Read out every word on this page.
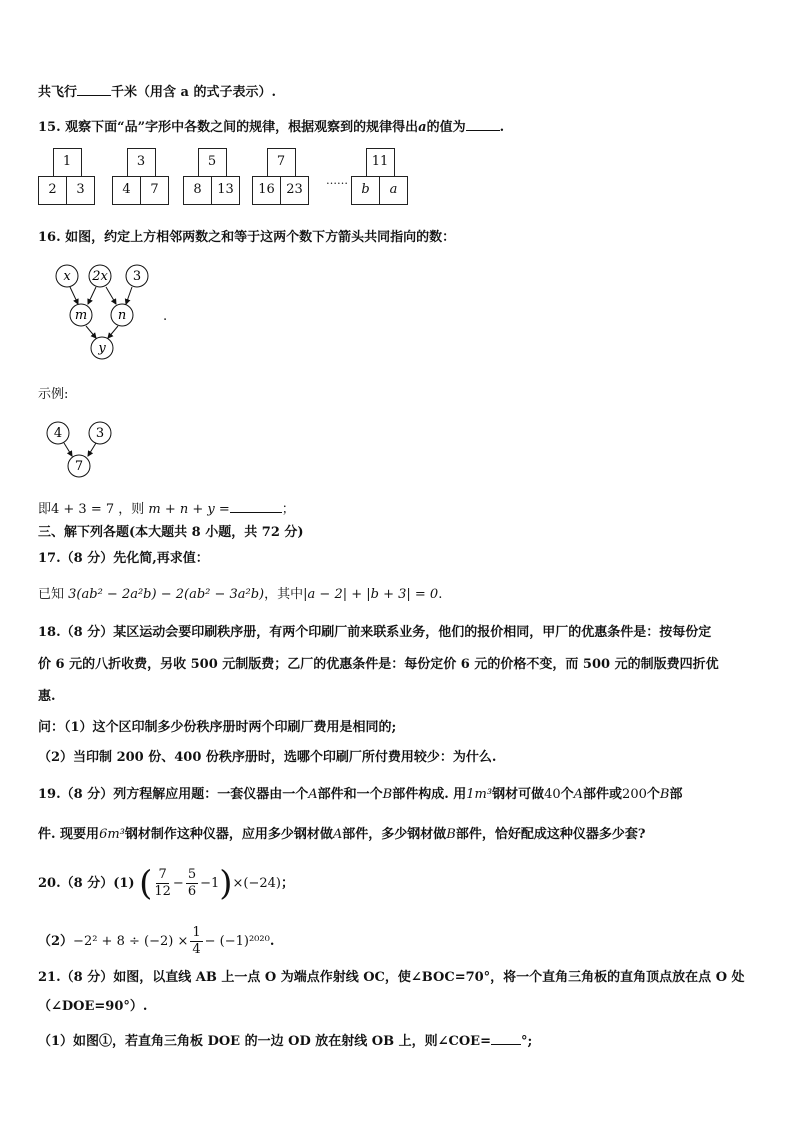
共飞行	千米（用含 a 的式子表示）.
15. 观察下面“品”字形中各数之间的规律，根据观察到的规律得出a的值为	.
1
2	3
3
4	7
5
8	13
7
16 23
11
b	a
……
16. 如图，约定上方相邻两数之和等于这两个数下方箭头共同指向的数：
x 2x 3
m n
y
.
示例:
4	3
7
即4 + 3 = 7 ，则 m + n + y =	；
三、解下列各题(本大题共 8 小题，共 72 分)
17.（8 分）先化简,再求值：
已知 3(ab² − 2a²b) − 2(ab² − 3a²b)，其中|a − 2| + |b + 3| = 0.
18.（8 分）某区运动会要印刷秩序册，有两个印刷厂前来联系业务，他们的报价相同，甲厂的优惠条件是：按每份定
价 6 元的八折收费，另收 500 元制版费；乙厂的优惠条件是：每份定价 6 元的价格不变，而 500 元的制版费四折优
惠.
问：（1）这个区印制多少份秩序册时两个印刷厂费用是相同的;
（2）当印制 200 份、400 份秩序册时，选哪个印刷厂所付费用较少：为什么.
19.（8 分）列方程解应用题：一套仪器由一个A部件和一个B部件构成. 用1m³钢材可做40个A部件或200个B部
件. 现要用6m³钢材制作这种仪器，应用多少钢材做A部件，多少钢材做B部件，恰好配成这种仪器多少套?
20.（8 分）(1) ( $\frac{7}{12} - \frac{5}{6} -1)\times(-24)$；
$(2)-2^2 + 8 \div (-2) \times \frac{1}{4} - (-1)^{2020}$.
21.（8 分）如图，以直线 AB 上一点 O 为端点作射线 OC，使∠BOC=70°，将一个直角三角板的直角顶点放在点 O 处
（∠DOE=90°）.
（1）如图①，若直角三角板 DOE 的一边 OD 放在射线 OB 上，则∠COE= °;
